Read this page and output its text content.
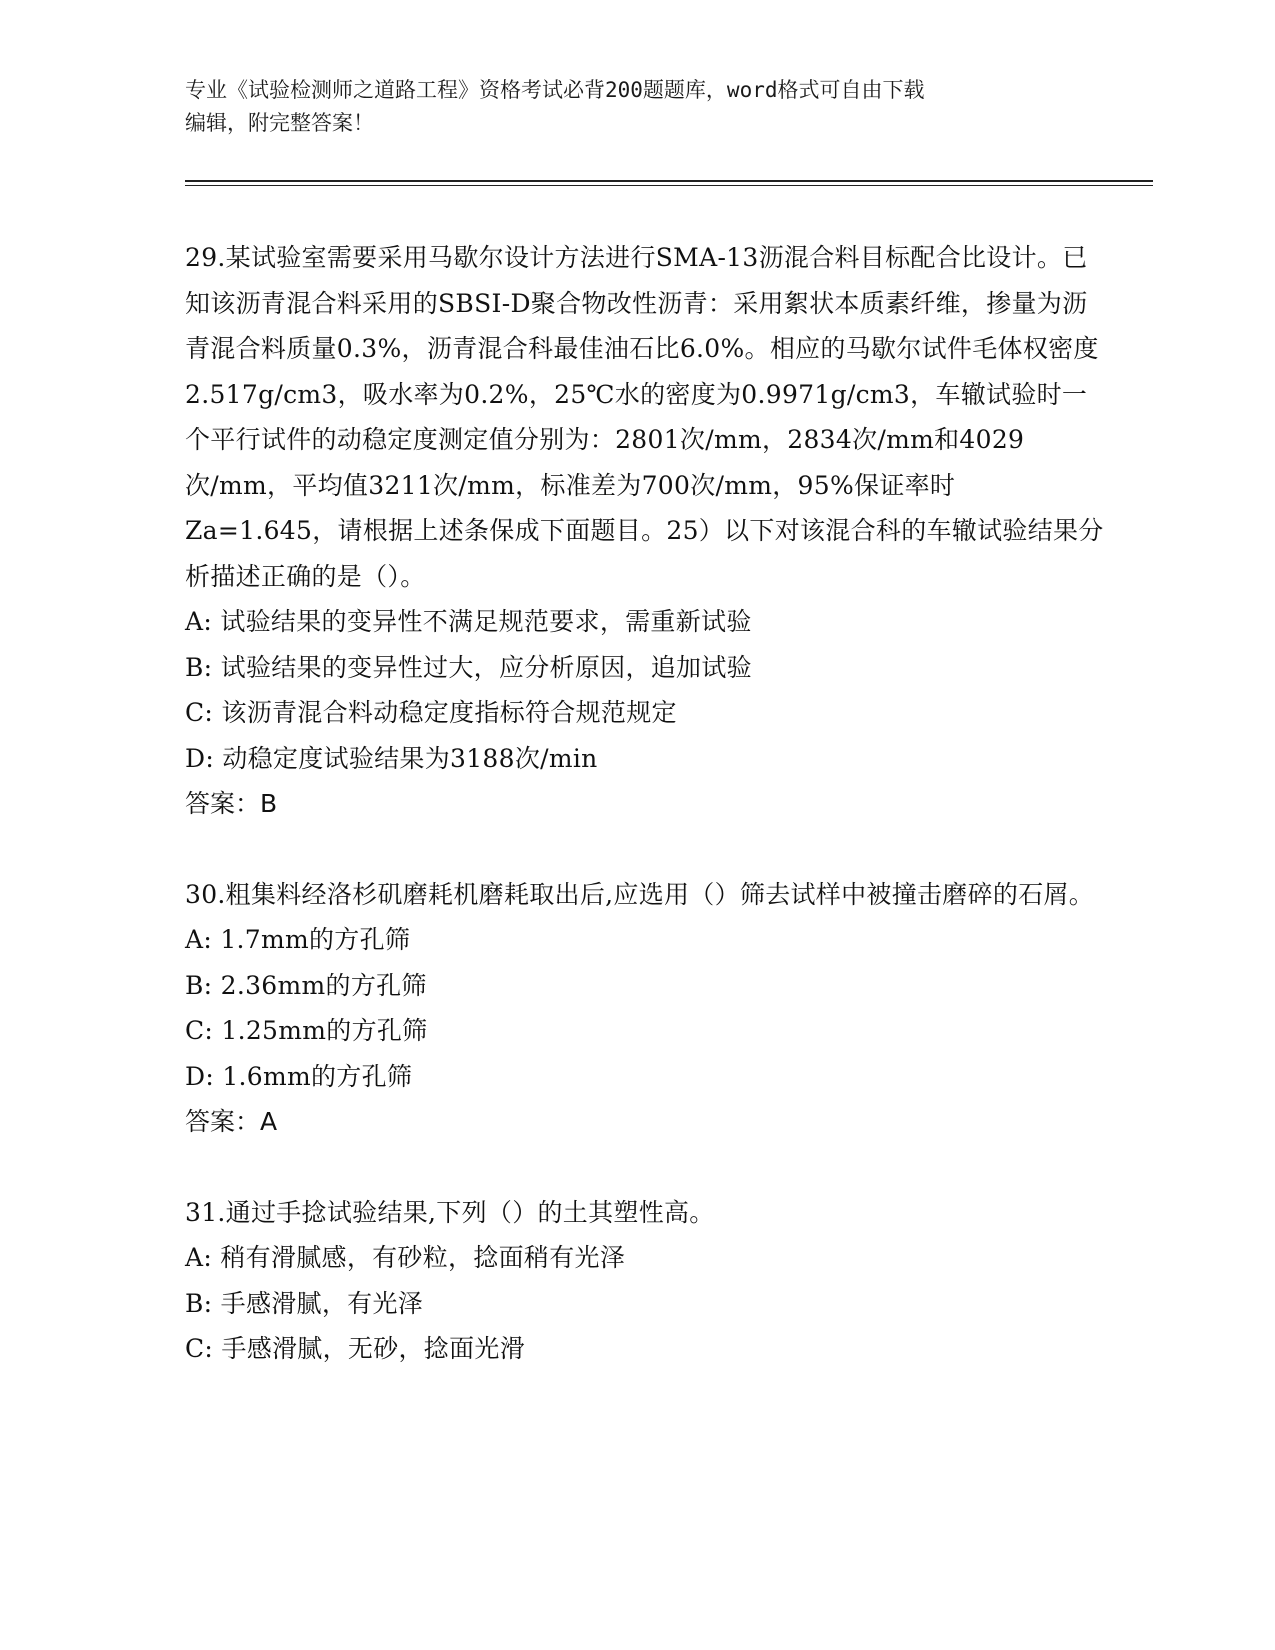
专业《试验检测师之道路工程》资格考试必背200题题库，word格式可自由下载
编辑，附完整答案！

29.某试验室需要采用马歇尔设计方法进行SMA-13沥混合料目标配合比设计。已知该沥青混合料采用的SBSI-D聚合物改性沥青：采用絮状本质素纤维，掺量为沥青混合料质量0.3%，沥青混合科最佳油石比6.0%。相应的马歇尔试件毛体权密度2.517g/cm3，吸水率为0.2%，25℃水的密度为0.9971g/cm3，车辙试验时一个平行试件的动稳定度测定值分别为：2801次/mm，2834次/mm和4029次/mm，平均值3211次/mm，标准差为700次/mm，95%保证率时Za=1.645，请根据上述条保成下面题目。25）以下对该混合科的车辙试验结果分析描述正确的是（）。

A: 试验结果的变异性不满足规范要求，需重新试验

B: 试验结果的变异性过大，应分析原因，追加试验

C: 该沥青混合料动稳定度指标符合规范规定

D: 动稳定度试验结果为3188次/min

答案：B

30.粗集料经洛杉矶磨耗机磨耗取出后,应选用（）筛去试样中被撞击磨碎的石屑。

A: 1.7mm的方孔筛

B: 2.36mm的方孔筛

C: 1.25mm的方孔筛

D: 1.6mm的方孔筛

答案：A

31.通过手捻试验结果,下列（）的土其塑性高。

A: 稍有滑腻感，有砂粒，捻面稍有光泽

B: 手感滑腻，有光泽

C: 手感滑腻，无砂，捻面光滑
